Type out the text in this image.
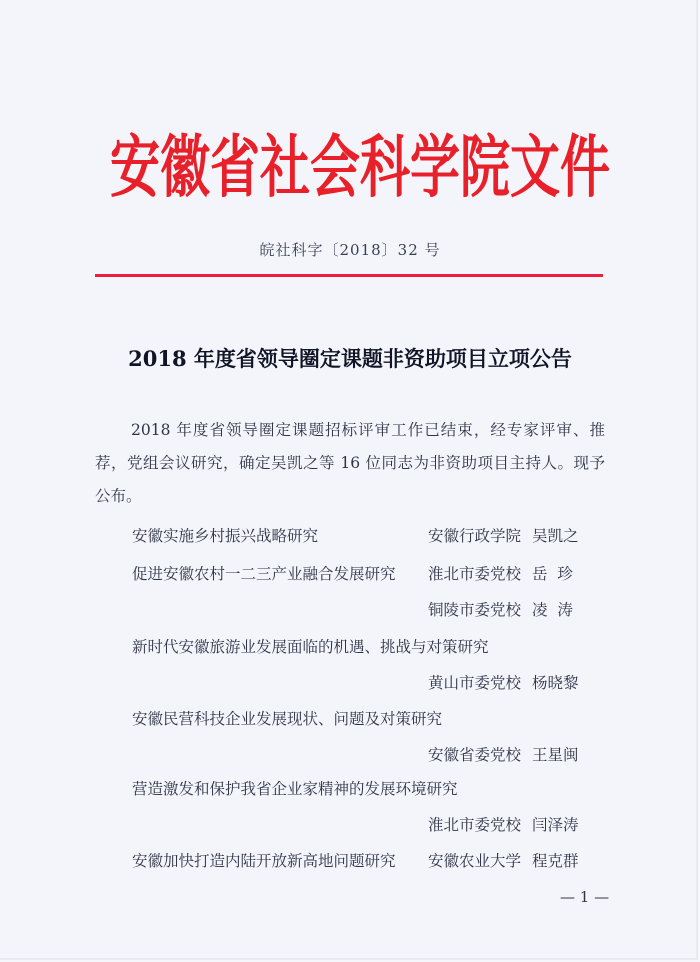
安徽省社会科学院文件
皖社科字〔2018〕32 号
2018 年度省领导圈定课题非资助项目立项公告
2018 年度省领导圈定课题招标评审工作已结束，经专家评审、推荐，党组会议研究，确定吴凯之等 16 位同志为非资助项目主持人。现予公布。
安徽实施乡村振兴战略研究	安徽行政学院 吴凯之
促进安徽农村一二三产业融合发展研究 淮北市委党校 岳  珍
铜陵市委党校 凌  涛
新时代安徽旅游业发展面临的机遇、挑战与对策研究
黄山市委党校 杨晓黎
安徽民营科技企业发展现状、问题及对策研究
安徽省委党校 王星闽
营造激发和保护我省企业家精神的发展环境研究
淮北市委党校 闫泽涛
安徽加快打造内陆开放新高地问题研究 安徽农业大学 程克群
— 1 —
